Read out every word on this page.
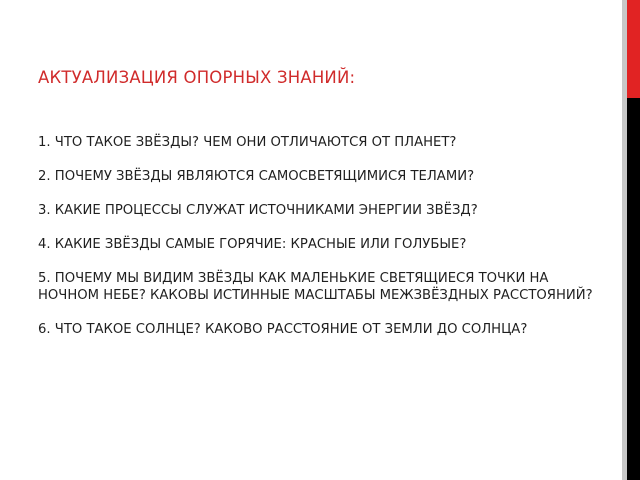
АКТУАЛИЗАЦИЯ ОПОРНЫХ ЗНАНИЙ:
1. ЧТО ТАКОЕ ЗВЁЗДЫ? ЧЕМ ОНИ ОТЛИЧАЮТСЯ ОТ ПЛАНЕТ?
2. ПОЧЕМУ ЗВЁЗДЫ ЯВЛЯЮТСЯ САМОСВЕТЯЩИМИСЯ ТЕЛАМИ?
3. КАКИЕ ПРОЦЕССЫ СЛУЖАТ ИСТОЧНИКАМИ ЭНЕРГИИ ЗВЁЗД?
4. КАКИЕ ЗВЁЗДЫ САМЫЕ ГОРЯЧИЕ: КРАСНЫЕ ИЛИ ГОЛУБЫЕ?
5. ПОЧЕМУ МЫ ВИДИМ ЗВЁЗДЫ КАК МАЛЕНЬКИЕ СВЕТЯЩИЕСЯ ТОЧКИ НА НОЧНОМ НЕБЕ? КАКОВЫ ИСТИННЫЕ МАСШТАБЫ МЕЖЗВЁЗДНЫХ РАССТОЯНИЙ?
6. ЧТО ТАКОЕ СОЛНЦЕ? КАКОВО РАССТОЯНИЕ ОТ ЗЕМЛИ ДО СОЛНЦА?
